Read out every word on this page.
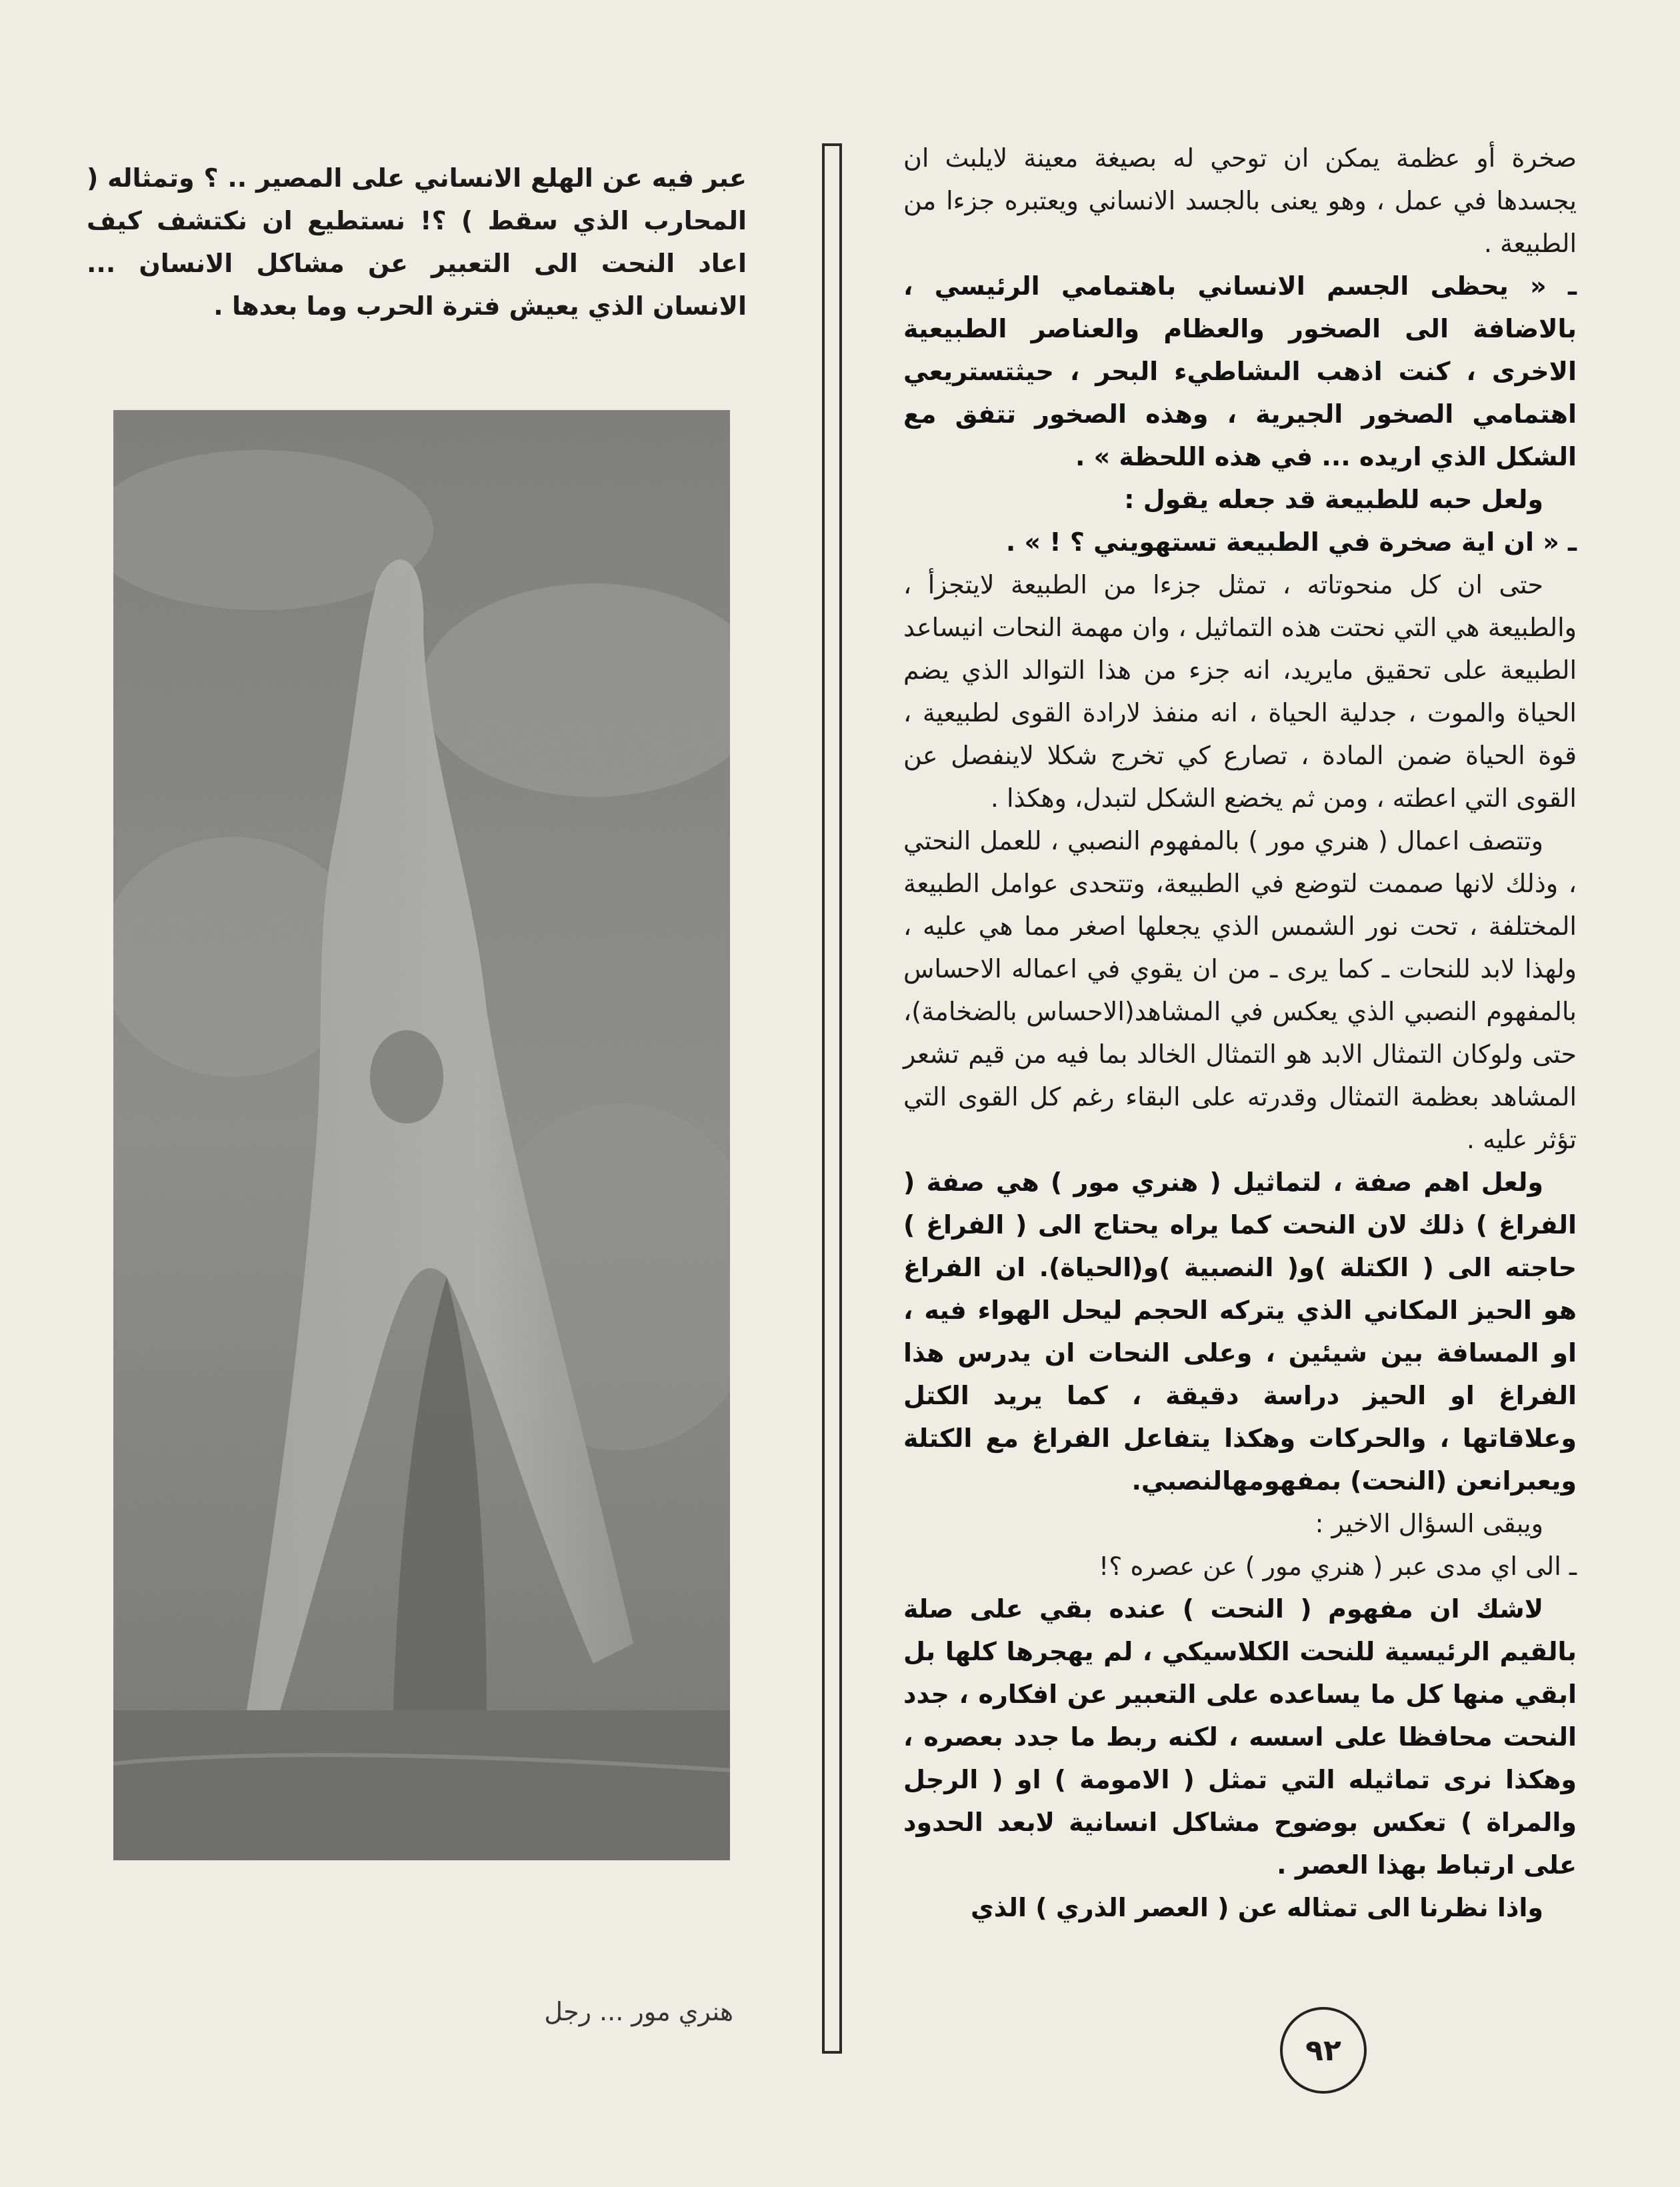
صخرة أو عظمة يمكن ان توحي له بصيغة معينة لايلبث ان يجسدها في عمل ، وهو يعنى بالجسد الانساني ويعتبره جزءا من الطبيعة .

ـ « يحظى الجسم الانساني باهتمامي الرئيسي ، بالاضافة الى الصخور والعظام والعناصر الطبيعية الاخرى ، كنت اذهب الىشاطيء البحر ، حيثتستريعي اهتمامي الصخور الجيرية ، وهذه الصخور تتفق مع الشكل الذي اريده ... في هذه اللحظة » .

ولعل حبه للطبيعة قد جعله يقول :

ـ « ان اية صخرة في الطبيعة تستهويني ؟ ! » .

حتى ان كل منحوتاته ، تمثل جزءا من الطبيعة لايتجزأ ، والطبيعة هي التي نحتت هذه التماثيل ، وان مهمة النحات انيساعد الطبيعة على تحقيق مايريد، انه جزء من هذا التوالد الذي يضم الحياة والموت ، جدلية الحياة ، انه منفذ لارادة القوى لطبيعية ، قوة الحياة ضمن المادة ، تصارع كي تخرج شكلا لاينفصل عن القوى التي اعطته ، ومن ثم يخضع الشكل لتبدل، وهكذا .

وتتصف اعمال ( هنري مور ) بالمفهوم النصبي ، للعمل النحتي ، وذلك لانها صممت لتوضع في الطبيعة، وتتحدى عوامل الطبيعة المختلفة ، تحت نور الشمس الذي يجعلها اصغر مما هي عليه ، ولهذا لابد للنحات ـ كما يرى ـ من ان يقوي في اعماله الاحساس بالمفهوم النصبي الذي يعكس في المشاهد(الاحساس بالضخامة)، حتى ولوكان التمثال الابد هو التمثال الخالد بما فيه من قيم تشعر المشاهد بعظمة التمثال وقدرته على البقاء رغم كل القوى التي تؤثر عليه .

ولعل اهم صفة ، لتماثيل ( هنري مور ) هي صفة ( الفراغ ) ذلك لان النحت كما يراه يحتاج الى ( الفراغ ) حاجته الى ( الكتلة )و( النصبية )و(الحياة). ان الفراغ هو الحيز المكاني الذي يتركه الحجم ليحل الهواء فيه ، او المسافة بين شيئين ، وعلى النحات ان يدرس هذا الفراغ او الحيز دراسة دقيقة ، كما يريد الكتل وعلاقاتها ، والحركات وهكذا يتفاعل الفراغ مع الكتلة ويعبرانعن (النحت) بمفهومهالنصبي.

ويبقى السؤال الاخير :

ـ الى اي مدى عبر ( هنري مور ) عن عصره ؟!

لاشك ان مفهوم ( النحت ) عنده بقي على صلة بالقيم الرئيسية للنحت الكلاسيكي ، لم يهجرها كلها بل ابقي منها كل ما يساعده على التعبير عن افكاره ، جدد النحت محافظا على اسسه ، لكنه ربط ما جدد بعصره ، وهكذا نرى تماثيله التي تمثل ( الامومة ) او ( الرجل والمراة ) تعكس بوضوح مشاكل انسانية لابعد الحدود على ارتباط بهذا العصر .

واذا نظرنا الى تمثاله عن ( العصر الذري ) الذي

عبر فيه عن الهلع الانساني على المصير .. ؟ وتمثاله ( المحارب الذي سقط ) ؟! نستطيع ان نكتشف كيف اعاد النحت الى التعبير عن مشاكل الانسان ... الانسان الذي يعيش فترة الحرب وما بعدها .

هنري مور ... رجل
٩٢
